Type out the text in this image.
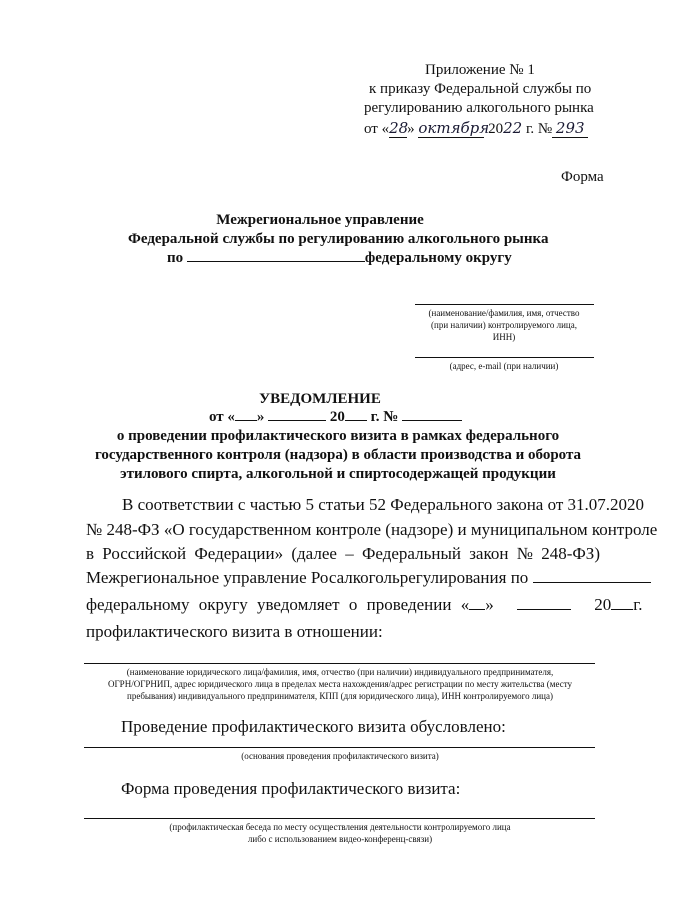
Приложение № 1
к приказу Федеральной службы по
регулированию алкогольного рынка
от «28» октября 2022 г. № 293
Форма
Межрегиональное управление
Федеральной службы по регулированию алкогольного рынка
по	федеральному округу
(наименование/фамилия, имя, отчество
(при наличии) контролируемого лица,
ИНН)
(адрес, e-mail (при наличии)
УВЕДОМЛЕНИЕ
от « »	20 г. №
о проведении профилактического визита в рамках федерального
государственного контроля (надзора) в области производства и оборота
этилового спирта, алкогольной и спиртосодержащей продукции
В соответствии с частью 5 статьи 52 Федерального закона от 31.07.2020
№ 248-ФЗ «О государственном контроле (надзоре) и муниципальном контроле
в Российской Федерации» (далее – Федеральный закон № 248-ФЗ)
Межрегиональное управление Росалкогольрегулирования по
федеральному округу уведомляет о проведении « »	20 г.
профилактического визита в отношении:
(наименование юридического лица/фамилия, имя, отчество (при наличии) индивидуального предпринимателя,
ОГРН/ОГРНИП, адрес юридического лица в пределах места нахождения/адрес регистрации по месту жительства (месту
пребывания) индивидуального предпринимателя, КПП (для юридического лица), ИНН контролируемого лица)
Проведение профилактического визита обусловлено:
(основания проведения профилактического визита)
Форма проведения профилактического визита:
(профилактическая беседа по месту осуществления деятельности контролируемого лица
либо с использованием видео-конференц-связи)
